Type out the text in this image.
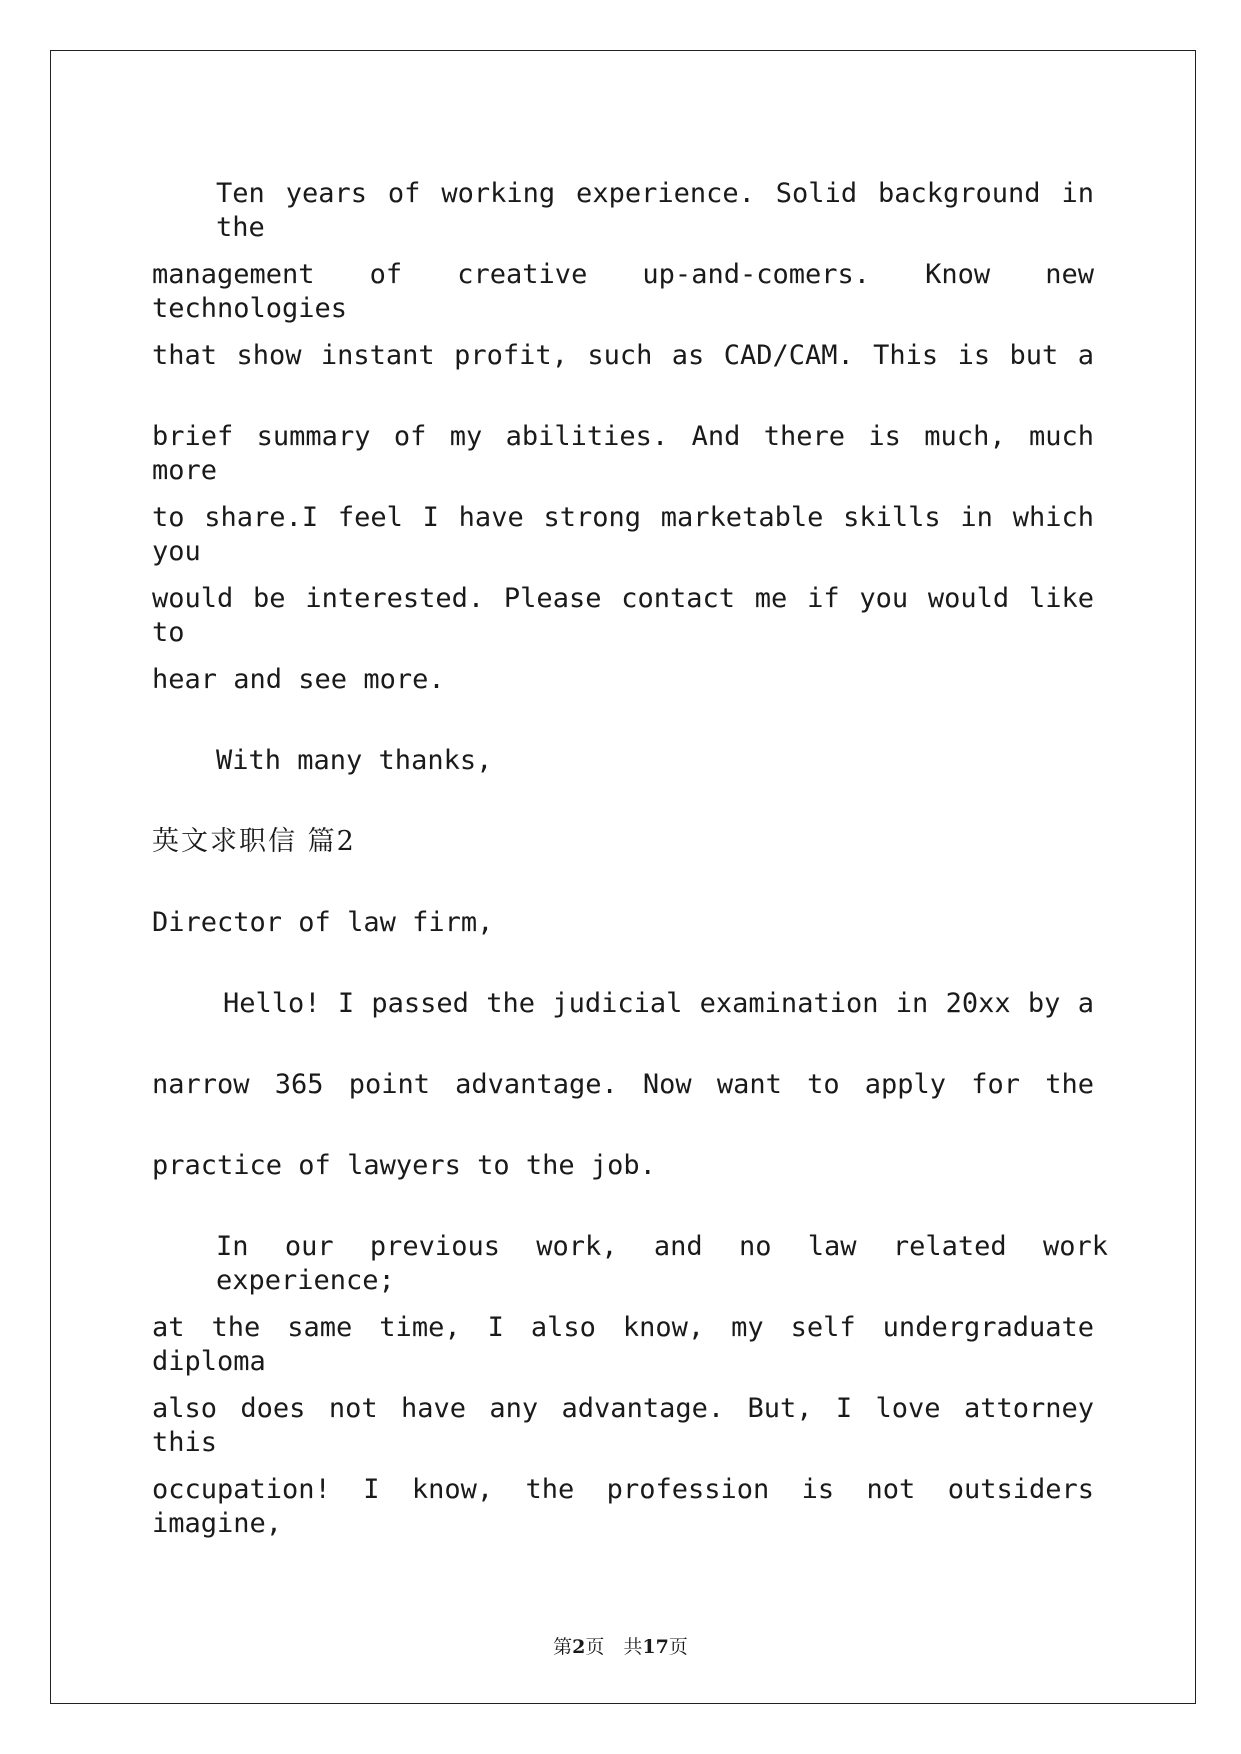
Ten years of working experience. Solid background in the
management of creative up-and-comers. Know new technologies
that show instant profit, such as CAD/CAM. This is but a
brief summary of my abilities. And there is much, much more
to share.I feel I have strong marketable skills in which you
would be interested. Please contact me if you would like to
hear and see more.
With many thanks,
英文求职信 篇2
Director of law firm,
Hello! I passed the judicial examination in 20xx by a
narrow 365 point advantage. Now want to apply for the
practice of lawyers to the job.
In our previous work, and no law related work experience;
at the same time, I also know, my self undergraduate diploma
also does not have any advantage. But, I love attorney this
occupation! I know, the profession is not outsiders imagine,
第2页　共17页
